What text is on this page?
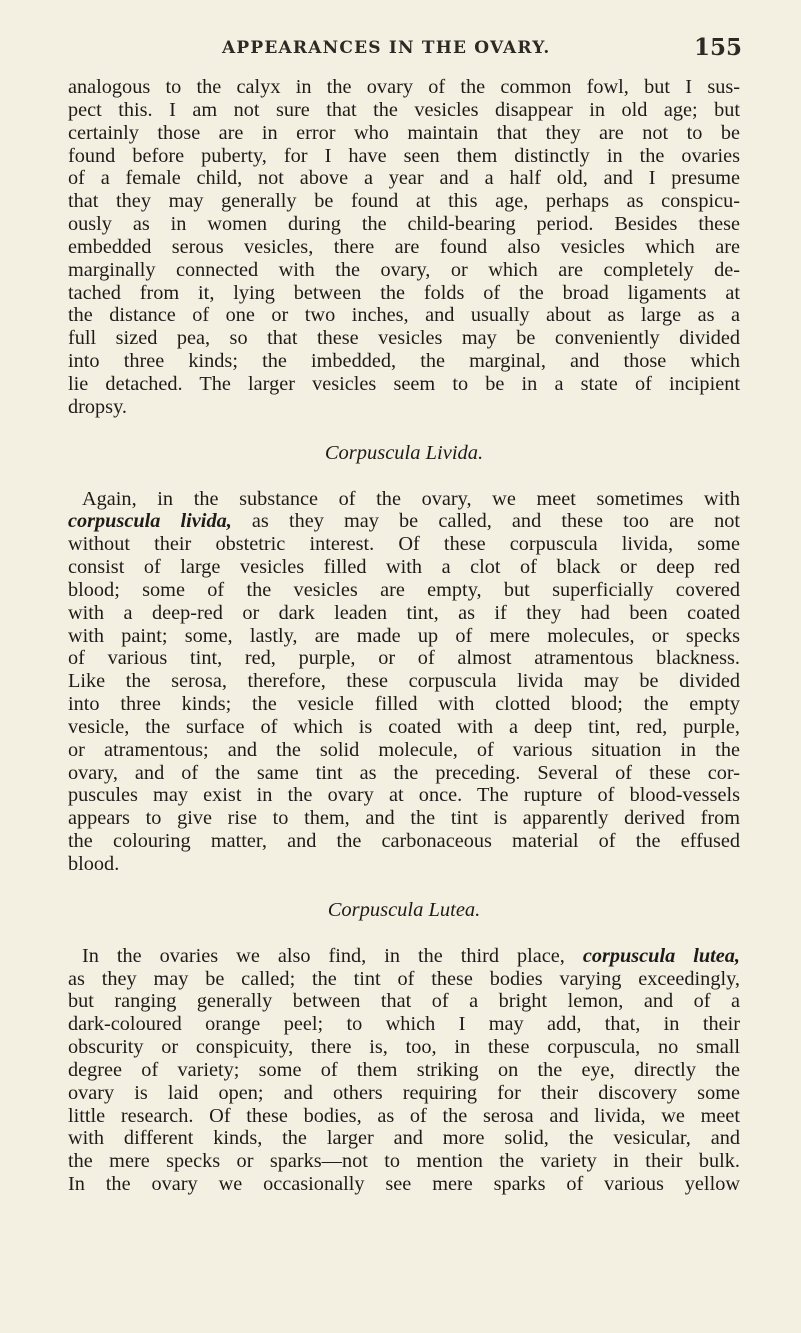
APPEARANCES IN THE OVARY.	155
analogous to the calyx in the ovary of the common fowl, but I sus-
pect this. I am not sure that the vesicles disappear in old age; but
certainly those are in error who maintain that they are not to be
found before puberty, for I have seen them distinctly in the ovaries
of a female child, not above a year and a half old, and I presume
that they may generally be found at this age, perhaps as conspicu-
ously as in women during the child-bearing period. Besides these
embedded serous vesicles, there are found also vesicles which are
marginally connected with the ovary, or which are completely de-
tached from it, lying between the folds of the broad ligaments at
the distance of one or two inches, and usually about as large as a
full sized pea, so that these vesicles may be conveniently divided
into three kinds; the imbedded, the marginal, and those which
lie detached. The larger vesicles seem to be in a state of incipient
dropsy.
Corpuscula Livida.
Again, in the substance of the ovary, we meet sometimes with
corpuscula livida, as they may be called, and these too are not
without their obstetric interest. Of these corpuscula livida, some
consist of large vesicles filled with a clot of black or deep red
blood; some of the vesicles are empty, but superficially covered
with a deep-red or dark leaden tint, as if they had been coated
with paint; some, lastly, are made up of mere molecules, or specks
of various tint, red, purple, or of almost atramentous blackness.
Like the serosa, therefore, these corpuscula livida may be divided
into three kinds; the vesicle filled with clotted blood; the empty
vesicle, the surface of which is coated with a deep tint, red, purple,
or atramentous; and the solid molecule, of various situation in the
ovary, and of the same tint as the preceding. Several of these cor-
puscules may exist in the ovary at once. The rupture of blood-vessels
appears to give rise to them, and the tint is apparently derived from
the colouring matter, and the carbonaceous material of the effused
blood.
Corpuscula Lutea.
In the ovaries we also find, in the third place, corpuscula lutea,
as they may be called; the tint of these bodies varying exceedingly,
but ranging generally between that of a bright lemon, and of a
dark-coloured orange peel; to which I may add, that, in their
obscurity or conspicuity, there is, too, in these corpuscula, no small
degree of variety; some of them striking on the eye, directly the
ovary is laid open; and others requiring for their discovery some
little research. Of these bodies, as of the serosa and livida, we meet
with different kinds, the larger and more solid, the vesicular, and
the mere specks or sparks—not to mention the variety in their bulk.
In the ovary we occasionally see mere sparks of various yellow
